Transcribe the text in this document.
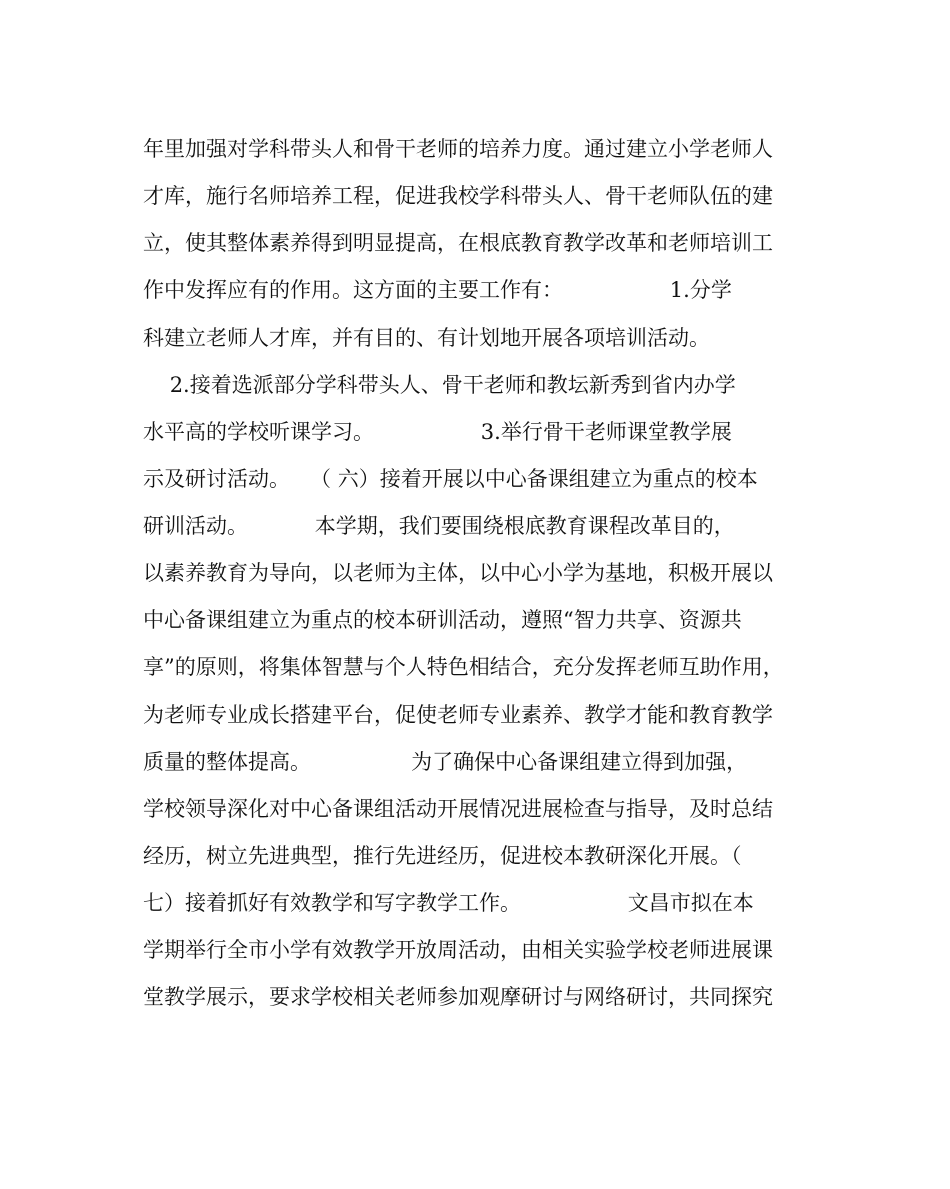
年里加强对学科带头人和骨干老师的培养力度。通过建立小学老师人
才库，施行名师培养工程，促进我校学科带头人、骨干老师队伍的建
立，使其整体素养得到明显提高，在根底教育教学改革和老师培训工
作中发挥应有的作用。这方面的主要工作有：                1.分学
科建立老师人才库，并有目的、有计划地开展各项培训活动。
2.接着选派部分学科带头人、骨干老师和教坛新秀到省内办学
水平高的学校听课学习。                3.举行骨干老师课堂教学展
示及研讨活动。   （ 六）接着开展以中心备课组建立为重点的校本
研训活动。          本学期，我们要围绕根底教育课程改革目的，
以素养教育为导向，以老师为主体，以中心小学为基地，积极开展以
中心备课组建立为重点的校本研训活动，遵照“智力共享、资源共
享”的原则，将集体智慧与个人特色相结合，充分发挥老师互助作用，
为老师专业成长搭建平台，促使老师专业素养、教学才能和教育教学
质量的整体提高。               为了确保中心备课组建立得到加强，
学校领导深化对中心备课组活动开展情况进展检查与指导，及时总结
经历，树立先进典型，推行先进经历，促进校本教研深化开展。（
七）接着抓好有效教学和写字教学工作。                文昌市拟在本
学期举行全市小学有效教学开放周活动，由相关实验学校老师进展课
堂教学展示，要求学校相关老师参加观摩研讨与网络研讨，共同探究
